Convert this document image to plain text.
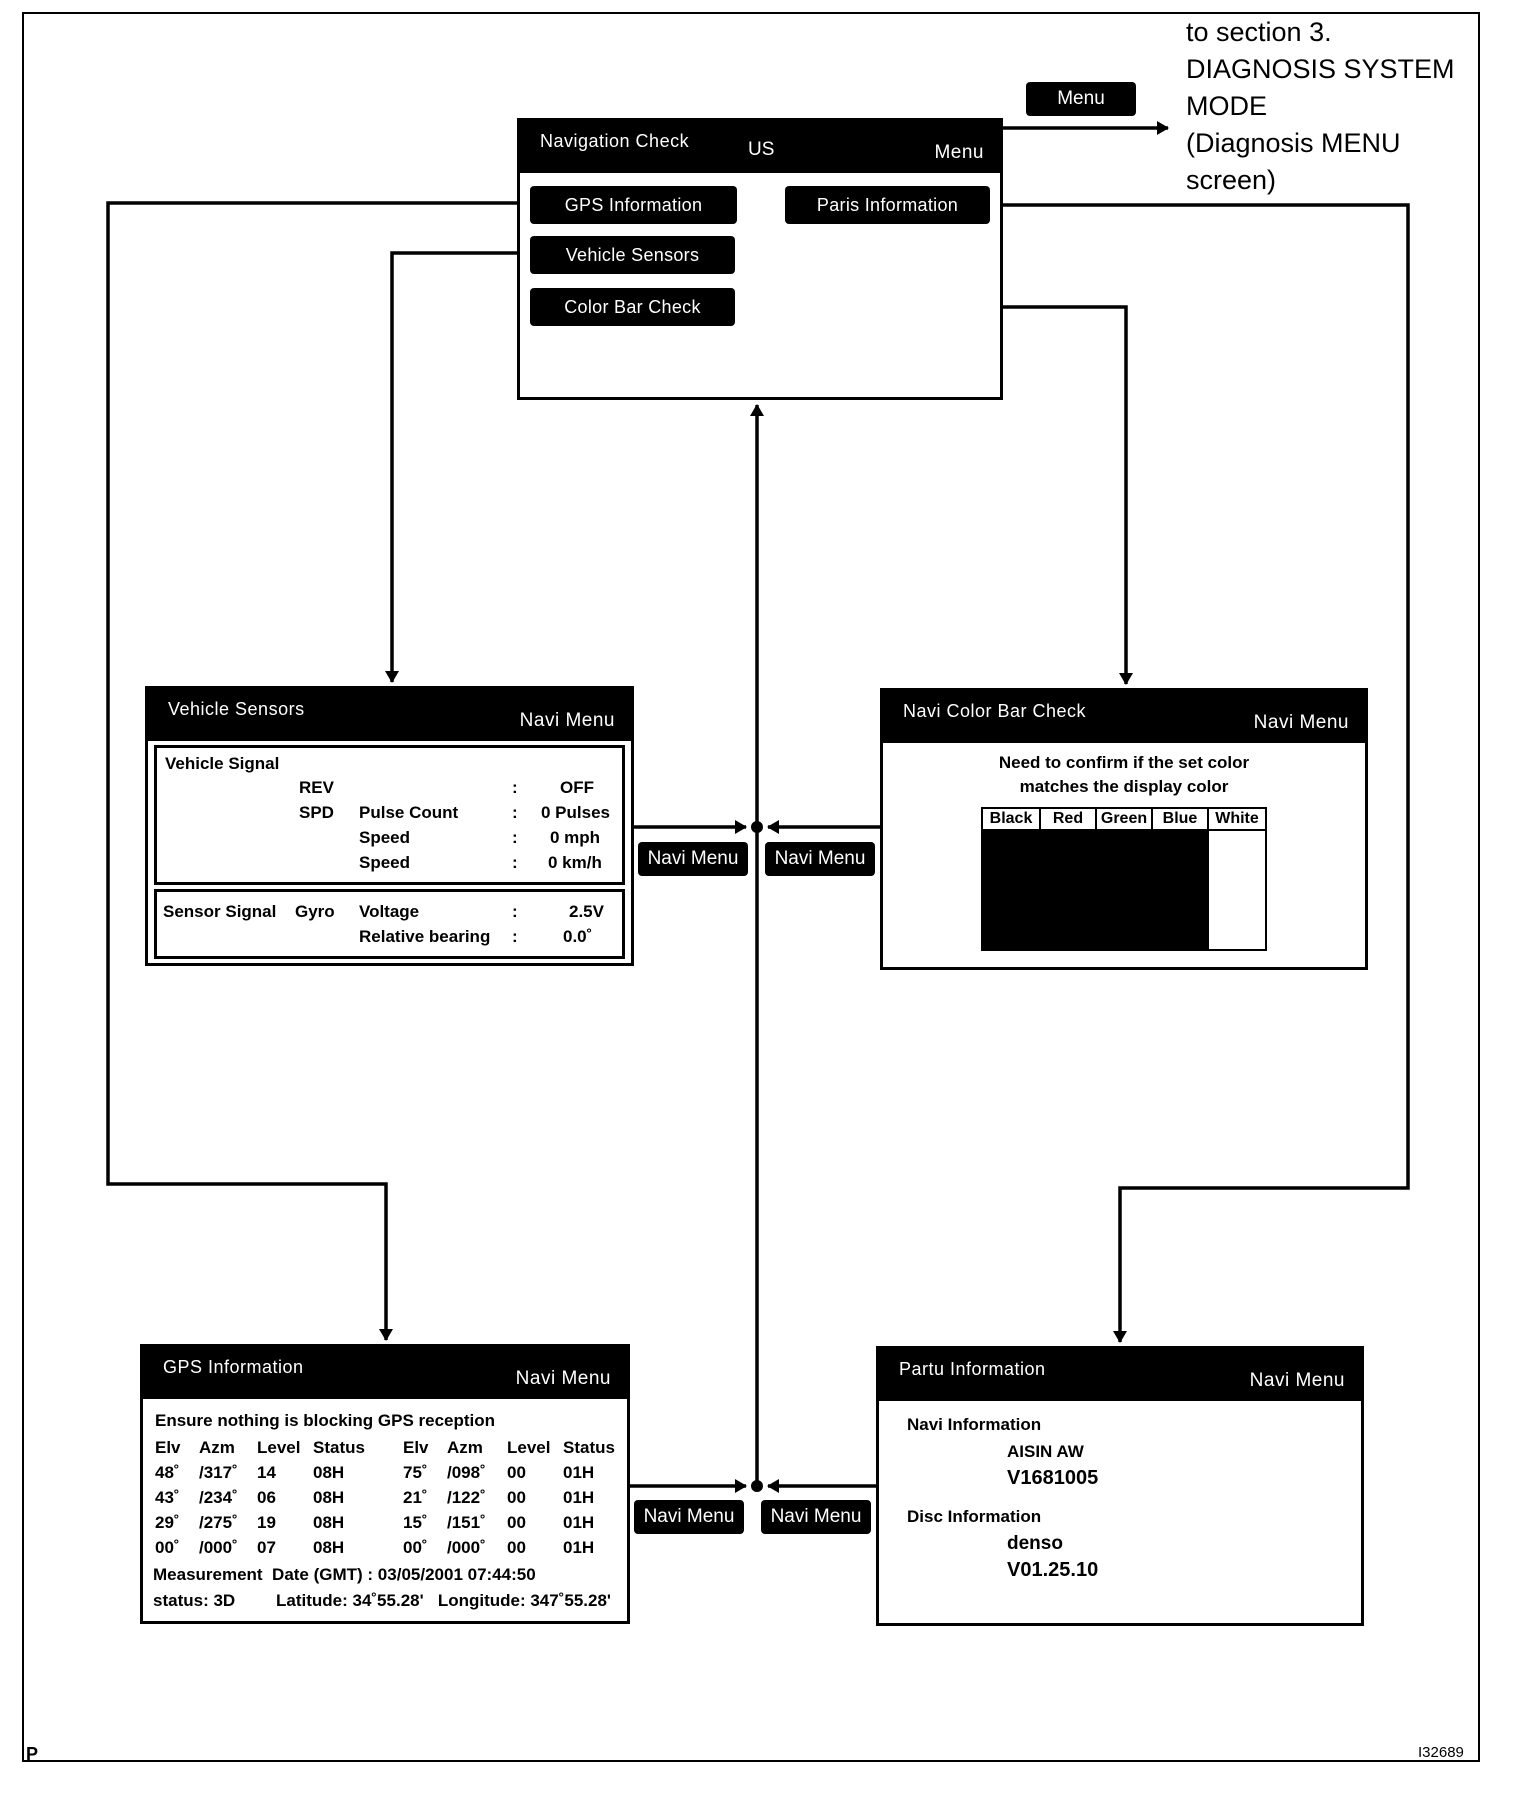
to section 3.
DIAGNOSIS SYSTEM
MODE
(Diagnosis MENU
screen)
Menu
Navigation Check	US	Menu
GPS Information	Paris Information
Vehicle Sensors
Color Bar Check
Vehicle Sensors
Navi Menu
Vehicle Signal
REV	: OFF
SPD Pulse Count	: 0 Pulses
Speed	: 0 mph
Speed	: 0 km/h
Sensor Signal Gyro Voltage	:	2.5V
Relative bearing :	0.0˚
Navi Color Bar Check
Navi Menu
Need to confirm if the set color
matches the display color
Black	Red	Green Blue	White
Navi Menu	Navi Menu
GPS Information
Navi Menu
Ensure nothing is blocking GPS reception
Elv	Azm	Level	Status	Elv	Azm	Level	Status
48˚	/317˚	14	08H	75˚	/098˚	00	01H
43˚	/234˚	06	08H	21˚	/122˚	00	01H
29˚	/275˚	19	08H	15˚	/151˚	00	01H
00˚	/000˚	07	08H	00˚	/000˚	00	01H
Measurement  Date (GMT) : 03/05/2001 07:44:50
status: 3D Latitude: 34˚55.28'   Longitude: 347˚55.28'
Partu Information
Navi Menu
Navi Information
AISIN AW
V1681005
Disc Information
denso
V01.25.10
Navi Menu	Navi Menu
P	I32689
